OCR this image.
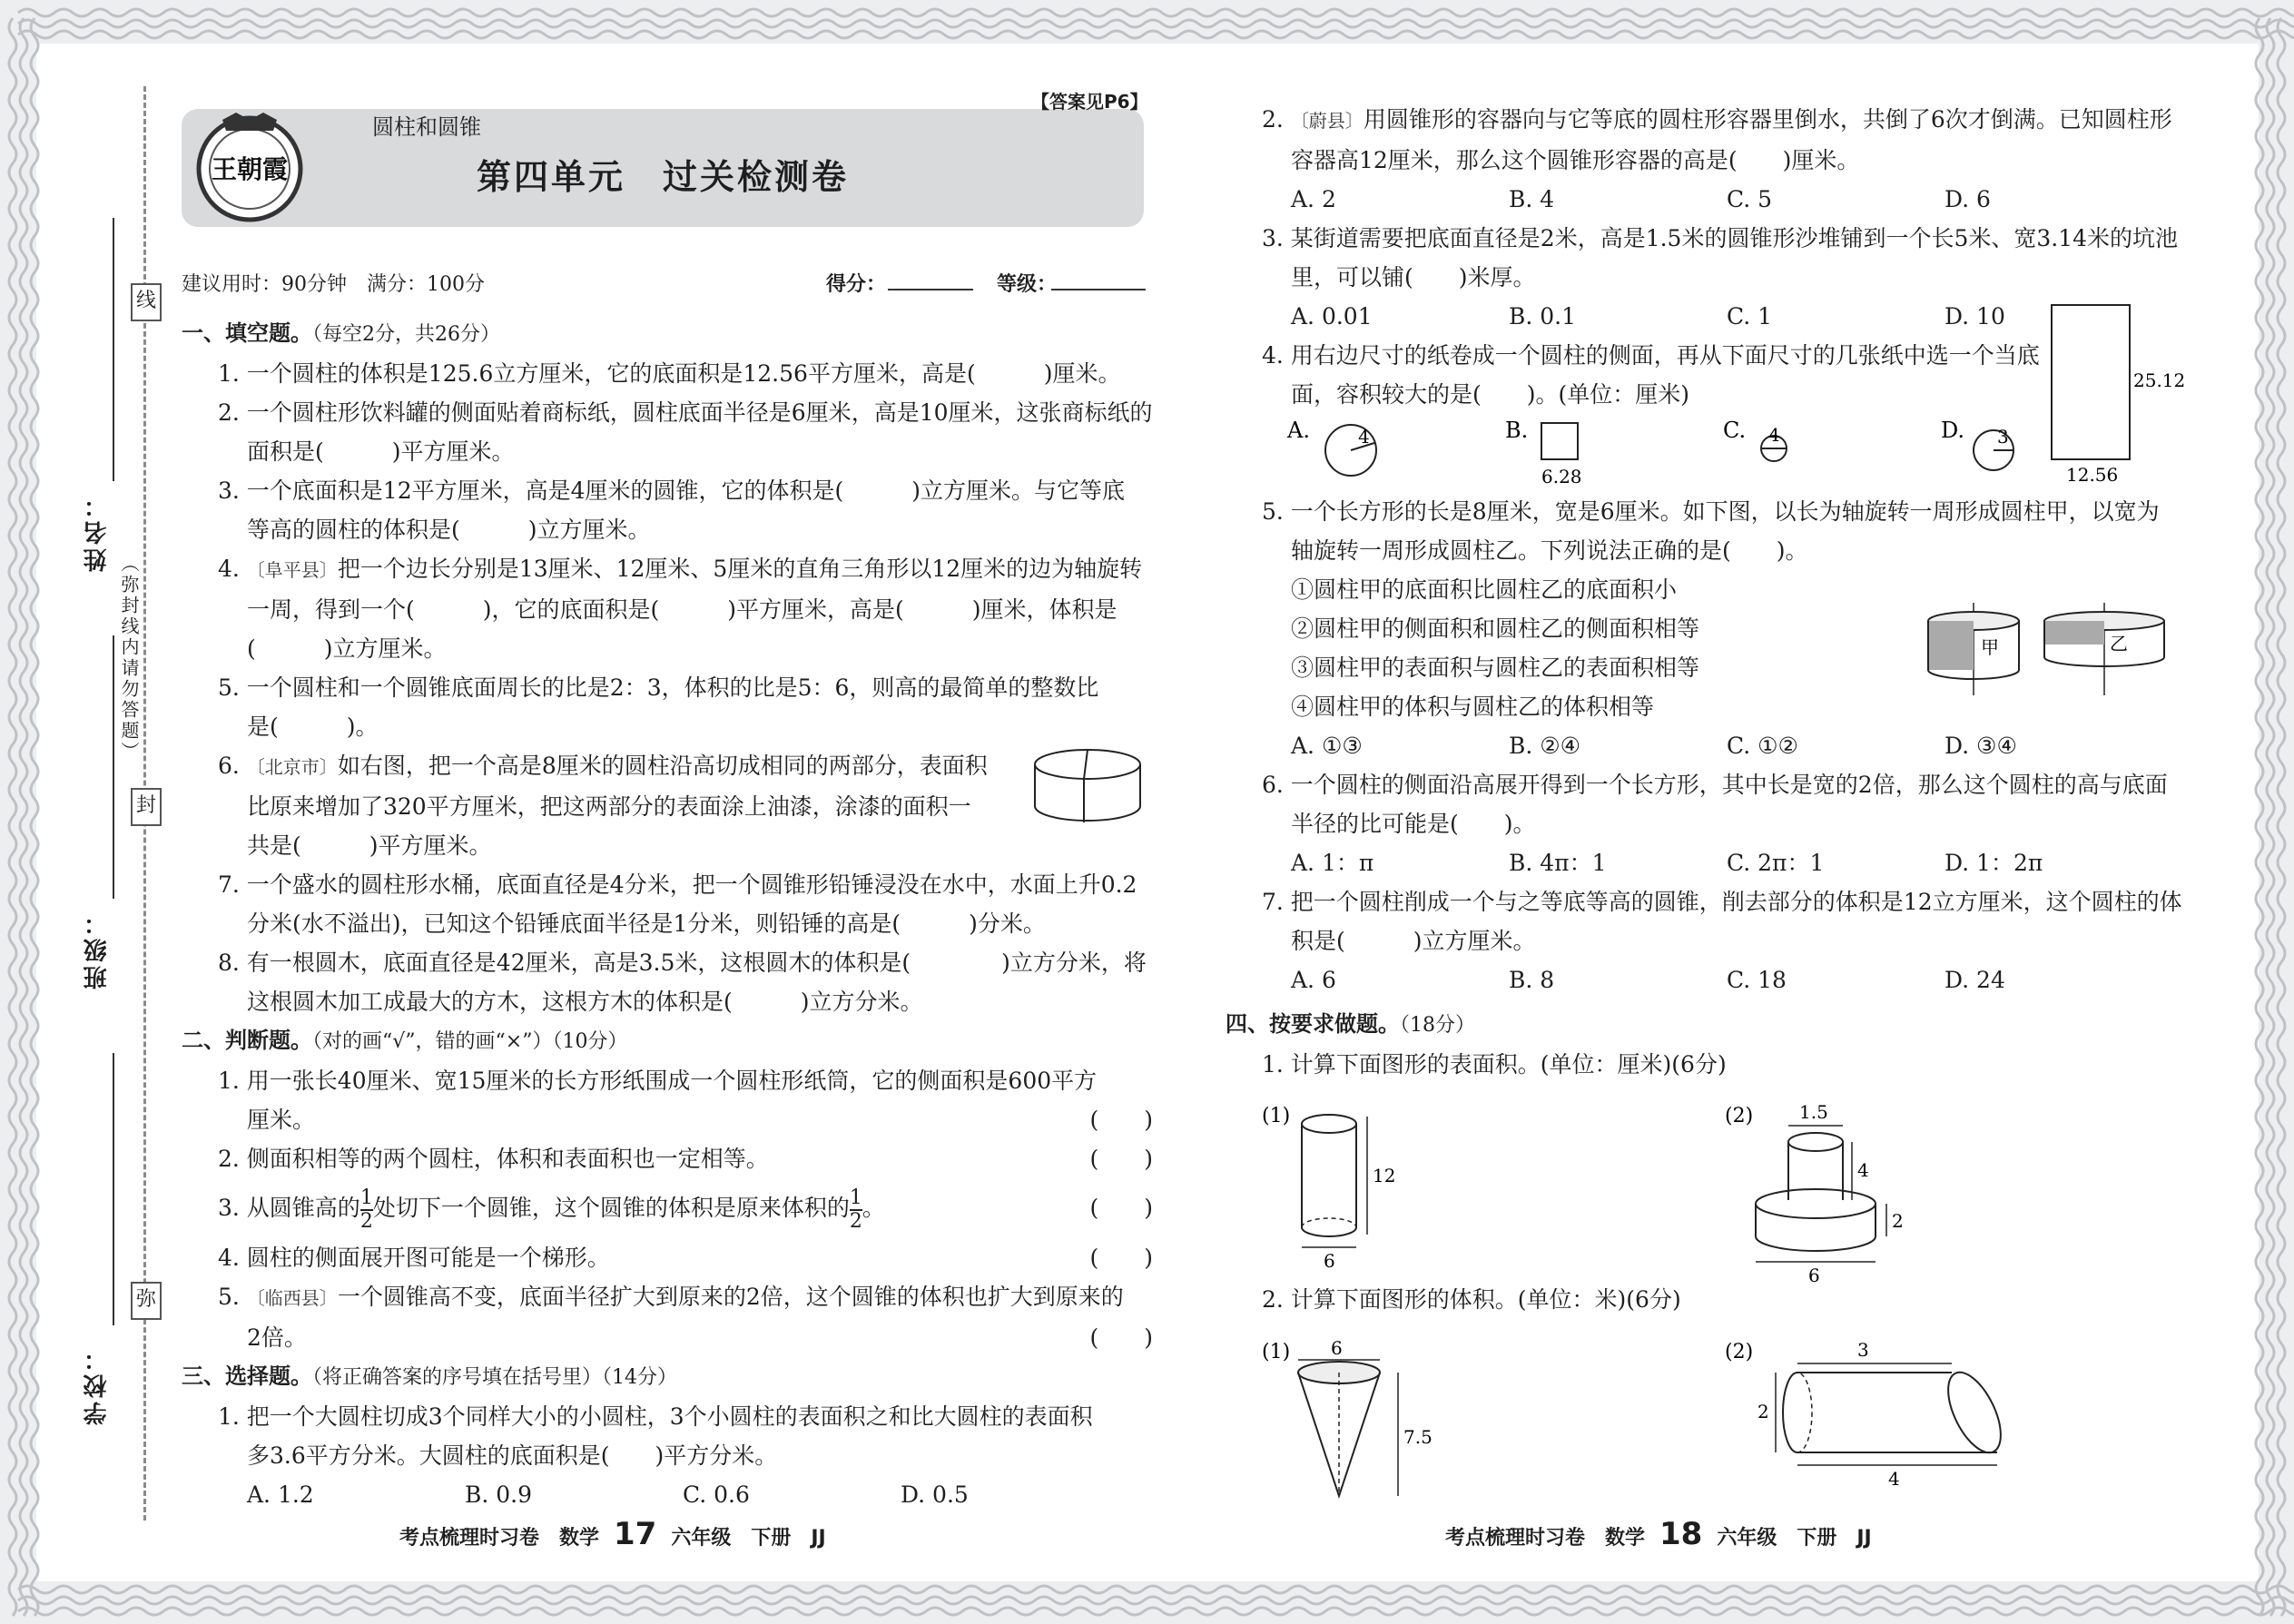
线
封
弥
姓名：
班级：
学校：
（弥封线内请勿答题）
圆柱和圆锥
第四单元　过关检测卷
【答案见P6】
王朝霞
建议用时：90分钟　满分：100分	得分：	等级：

一、填空题。（每空2分，共26分）

1. 一个圆柱的体积是125.6立方厘米，它的底面积是12.56平方厘米，高是(　　　)厘米。

2. 一个圆柱形饮料罐的侧面贴着商标纸，圆柱底面半径是6厘米，高是10厘米，这张商标纸的

面积是(　　　)平方厘米。

3. 一个底面积是12平方厘米，高是4厘米的圆锥，它的体积是(　　　)立方厘米。与它等底

等高的圆柱的体积是(　　　)立方厘米。

4. 〔阜平县〕把一个边长分别是13厘米、12厘米、5厘米的直角三角形以12厘米的边为轴旋转

一周，得到一个(　　　)，它的底面积是(　　　)平方厘米，高是(　　　)厘米，体积是

(　　　)立方厘米。

5. 一个圆柱和一个圆锥底面周长的比是2：3，体积的比是5：6，则高的最简单的整数比

是(　　　)。

6. 〔北京市〕如右图，把一个高是8厘米的圆柱沿高切成相同的两部分，表面积

比原来增加了320平方厘米，把这两部分的表面涂上油漆，涂漆的面积一

共是(　　　)平方厘米。

7. 一个盛水的圆柱形水桶，底面直径是4分米，把一个圆锥形铅锤浸没在水中，水面上升0.2

分米(水不溢出)，已知这个铅锤底面半径是1分米，则铅锤的高是(　　　)分米。

8. 有一根圆木，底面直径是42厘米，高是3.5米，这根圆木的体积是(　　　　)立方分米，将

这根圆木加工成最大的方木，这根方木的体积是(　　　)立方分米。

二、判断题。（对的画“√”，错的画“×”）（10分）

1. 用一张长40厘米、宽15厘米的长方形纸围成一个圆柱形纸筒，它的侧面积是600平方

厘米。	(　　)

2. 侧面积相等的两个圆柱，体积和表面积也一定相等。	(　　)

3. 从圆锥高的$\frac{1}{2}$ 处切下一个圆锥，这个圆锥的体积是原来体积的$\frac{1}{2}$ 。	(　　)

4. 圆柱的侧面展开图可能是一个梯形。	(　　)

5. 〔临西县〕一个圆锥高不变，底面半径扩大到原来的2倍，这个圆锥的体积也扩大到原来的

2倍。	(　　)

三、选择题。（将正确答案的序号填在括号里）（14分）

1. 把一个大圆柱切成3个同样大小的小圆柱，3个小圆柱的表面积之和比大圆柱的表面积

多3.6平方分米。大圆柱的底面积是(　　)平方分米。

A. 1.2	B. 0.9	C. 0.6	D. 0.5

2. 〔蔚县〕用圆锥形的容器向与它等底的圆柱形容器里倒水，共倒了6次才倒满。已知圆柱形

容器高12厘米，那么这个圆锥形容器的高是(　　)厘米。

A. 2	B. 4	C. 5	D. 6

3. 某街道需要把底面直径是2米，高是1.5米的圆锥形沙堆铺到一个长5米、宽3.14米的坑池

里，可以铺(　　)米厚。

A. 0.01	B. 0.1	C. 1	D. 10

4. 用右边尺寸的纸卷成一个圆柱的侧面，再从下面尺寸的几张纸中选一个当底

面，容积较大的是(　　)。(单位：厘米)

5. 一个长方形的长是8厘米，宽是6厘米。如下图，以长为轴旋转一周形成圆柱甲，以宽为

轴旋转一周形成圆柱乙。下列说法正确的是(　　)。

①圆柱甲的底面积比圆柱乙的底面积小

②圆柱甲的侧面积和圆柱乙的侧面积相等

③圆柱甲的表面积与圆柱乙的表面积相等

④圆柱甲的体积与圆柱乙的体积相等

A. ①③	B. ②④	C. ①②	D. ③④

6. 一个圆柱的侧面沿高展开得到一个长方形，其中长是宽的2倍，那么这个圆柱的高与底面

半径的比可能是(　　)。

A. 1：π	B. 4π：1	C. 2π：1	D. 1：2π

7. 把一个圆柱削成一个与之等底等高的圆锥，削去部分的体积是12立方厘米，这个圆柱的体

积是(　　　)立方厘米。

A. 6	B. 8	C. 18	D. 24

四、按要求做题。（18分）

1. 计算下面图形的表面积。(单位：厘米)(6分)

2. 计算下面图形的体积。(单位：米)(6分)

A.	4	B.
6.28
C. 4	D. 3
25.12
12.56
甲	乙
(1)
12
6
(2)	1.5
4
2
6
(1) 6
7.5
(2)	3
2
4
考点梳理时习卷　数学 17 六年级　下册　JJ	考点梳理时习卷　数学 18 六年级　下册　JJ
